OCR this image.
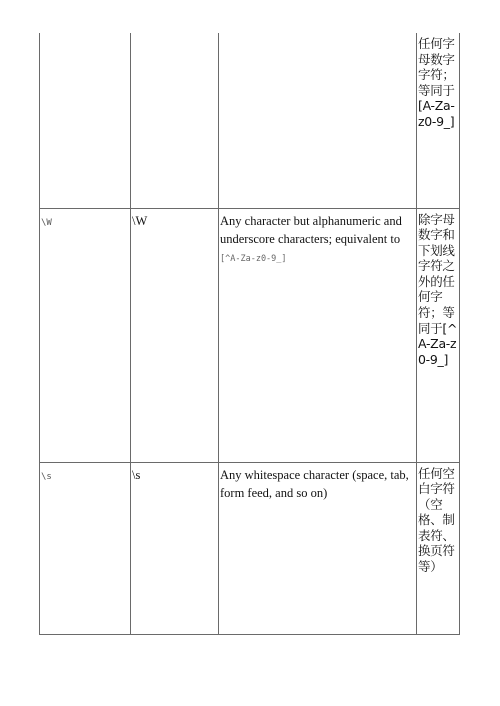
			任何字母数字字符；等同于[A-Za-z0-9_]

\W	\W	Any character but alphanumeric and underscore characters; equivalent to [^A-Za-z0-9_]	除字母数字和下划线字符之外的任何字符；等同于[^A-Za-z0-9_]

\s	\s	Any whitespace character (space, tab, form feed, and so on)	任何空白字符（空格、制表符、换页符等）
